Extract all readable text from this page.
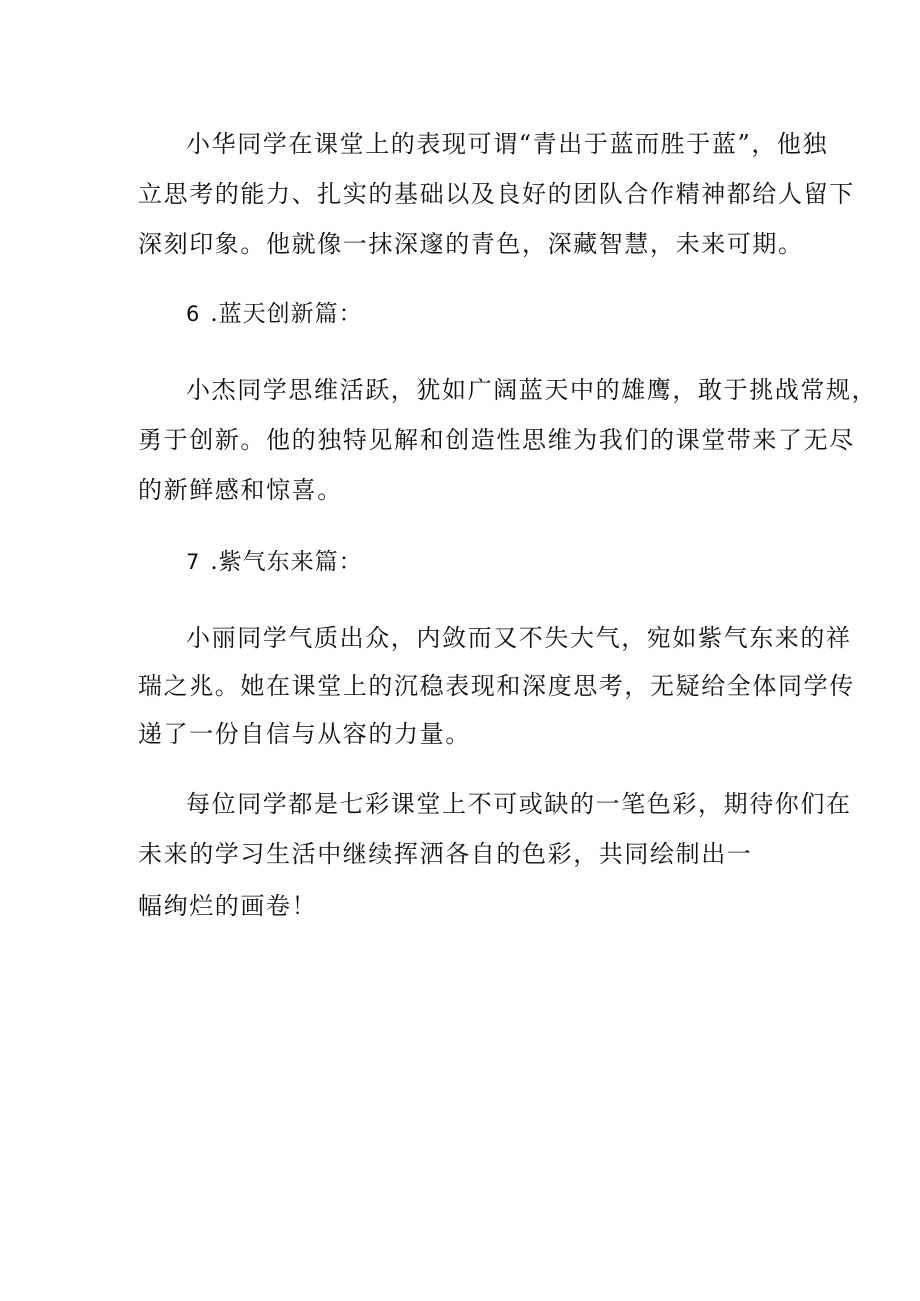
小华同学在课堂上的表现可谓“青出于蓝而胜于蓝”，他独
立思考的能力、扎实的基础以及良好的团队合作精神都给人留下
深刻印象。他就像一抹深邃的青色，深藏智慧，未来可期。
6 .蓝天创新篇：
小杰同学思维活跃，犹如广阔蓝天中的雄鹰，敢于挑战常规，
勇于创新。他的独特见解和创造性思维为我们的课堂带来了无尽
的新鲜感和惊喜。
7 .紫气东来篇：
小丽同学气质出众，内敛而又不失大气，宛如紫气东来的祥
瑞之兆。她在课堂上的沉稳表现和深度思考，无疑给全体同学传
递了一份自信与从容的力量。
每位同学都是七彩课堂上不可或缺的一笔色彩，期待你们在
未来的学习生活中继续挥洒各自的色彩，共同绘制出一
幅绚烂的画卷！
